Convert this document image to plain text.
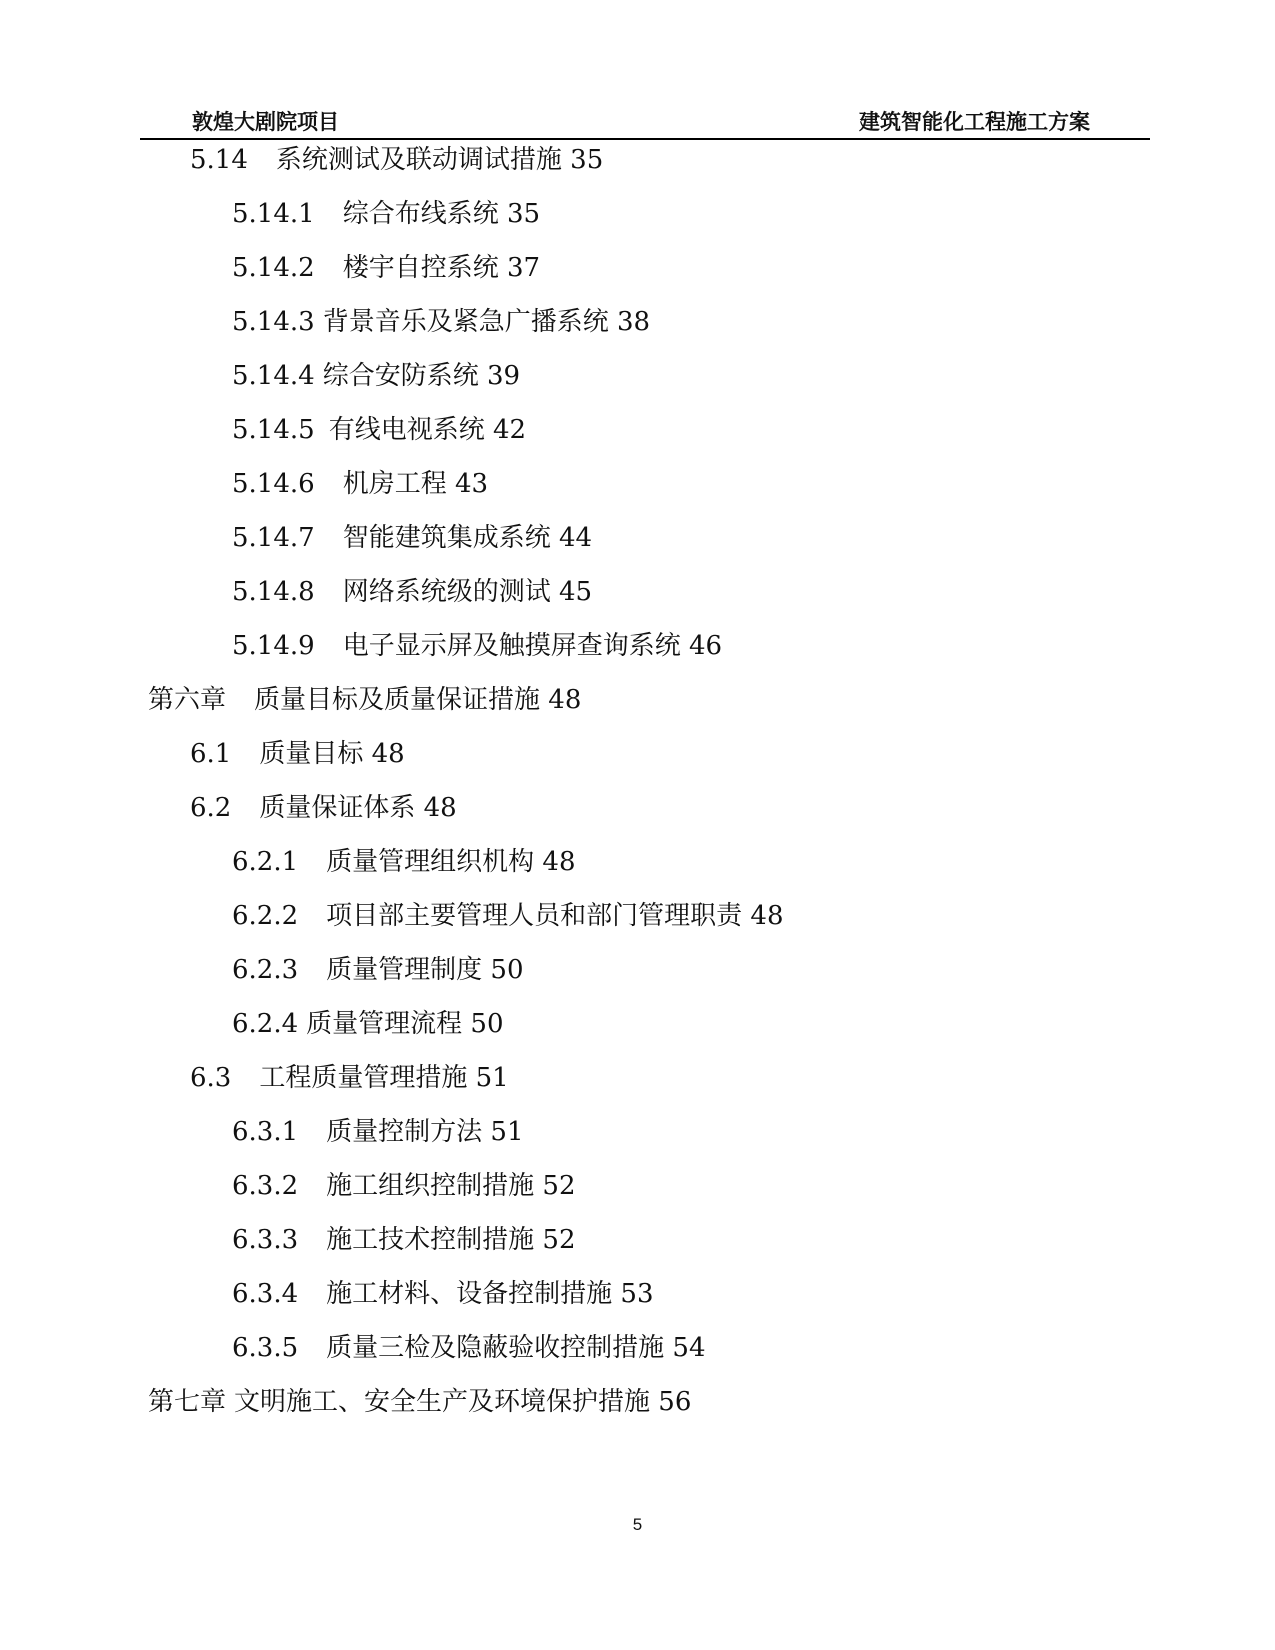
敦煌大剧院项目	建筑智能化工程施工方案
5.14 系统测试及联动调试措施 35
5.14.1 综合布线系统 35
5.14.2 楼宇自控系统 37
5.14.3 背景音乐及紧急广播系统 38
5.14.4 综合安防系统 39
5.14.5 有线电视系统 42
5.14.6 机房工程 43
5.14.7 智能建筑集成系统 44
5.14.8 网络系统级的测试 45
5.14.9 电子显示屏及触摸屏查询系统 46
第六章 质量目标及质量保证措施 48
6.1 质量目标 48
6.2 质量保证体系 48
6.2.1 质量管理组织机构 48
6.2.2 项目部主要管理人员和部门管理职责 48
6.2.3 质量管理制度 50
6.2.4 质量管理流程 50
6.3 工程质量管理措施 51
6.3.1 质量控制方法 51
6.3.2 施工组织控制措施 52
6.3.3 施工技术控制措施 52
6.3.4 施工材料、设备控制措施 53
6.3.5 质量三检及隐蔽验收控制措施 54
第七章 文明施工、安全生产及环境保护措施 56
5
